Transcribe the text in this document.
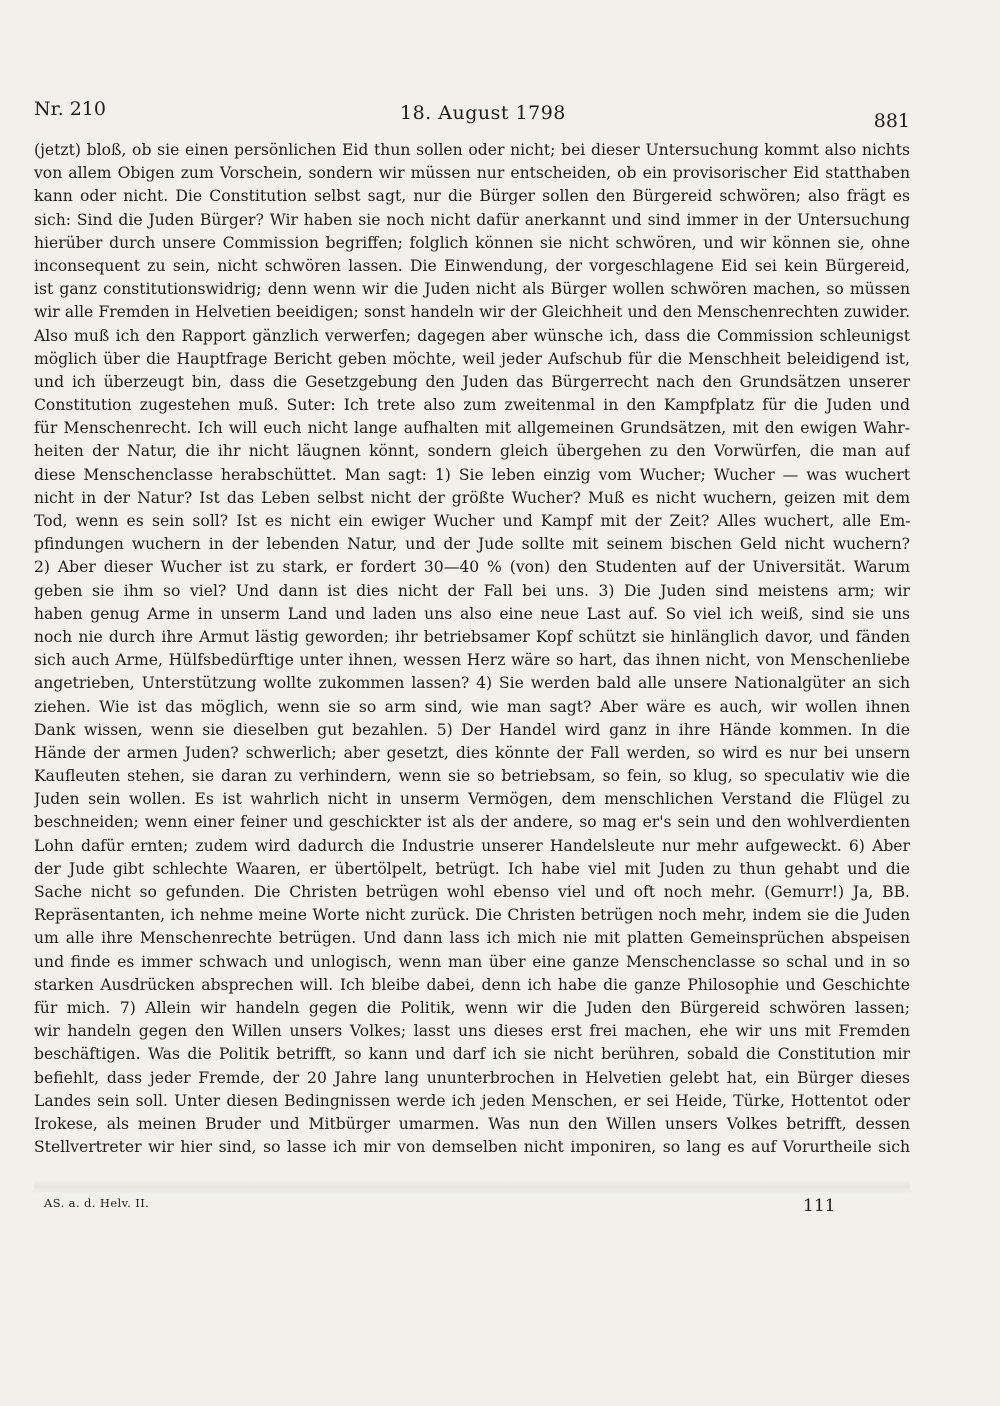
Nr. 210	18. August 1798	881
(jetzt) bloß, ob sie einen persönlichen Eid thun sollen oder nicht; bei dieser Untersuchung kommt also nichts
von allem Obigen zum Vorschein, sondern wir müssen nur entscheiden, ob ein provisorischer Eid statthaben
kann oder nicht. Die Constitution selbst sagt, nur die Bürger sollen den Bürgereid schwören; also frägt es
sich: Sind die Juden Bürger? Wir haben sie noch nicht dafür anerkannt und sind immer in der Untersuchung
hierüber durch unsere Commission begriffen; folglich können sie nicht schwören, und wir können sie, ohne
inconsequent zu sein, nicht schwören lassen. Die Einwendung, der vorgeschlagene Eid sei kein Bürgereid,
ist ganz constitutionswidrig; denn wenn wir die Juden nicht als Bürger wollen schwören machen, so müssen
wir alle Fremden in Helvetien beeidigen; sonst handeln wir der Gleichheit und den Menschenrechten zuwider.
Also muß ich den Rapport gänzlich verwerfen; dagegen aber wünsche ich, dass die Commission schleunigst
möglich über die Hauptfrage Bericht geben möchte, weil jeder Aufschub für die Menschheit beleidigend ist,
und ich überzeugt bin, dass die Gesetzgebung den Juden das Bürgerrecht nach den Grundsätzen unserer
Constitution zugestehen muß. Suter: Ich trete also zum zweitenmal in den Kampfplatz für die Juden und
für Menschenrecht. Ich will euch nicht lange aufhalten mit allgemeinen Grundsätzen, mit den ewigen Wahr-
heiten der Natur, die ihr nicht läugnen könnt, sondern gleich übergehen zu den Vorwürfen, die man auf
diese Menschenclasse herabschüttet. Man sagt: 1) Sie leben einzig vom Wucher; Wucher — was wuchert
nicht in der Natur? Ist das Leben selbst nicht der größte Wucher? Muß es nicht wuchern, geizen mit dem
Tod, wenn es sein soll? Ist es nicht ein ewiger Wucher und Kampf mit der Zeit? Alles wuchert, alle Em-
pfindungen wuchern in der lebenden Natur, und der Jude sollte mit seinem bischen Geld nicht wuchern?
2) Aber dieser Wucher ist zu stark, er fordert 30—40 % (von) den Studenten auf der Universität. Warum
geben sie ihm so viel? Und dann ist dies nicht der Fall bei uns. 3) Die Juden sind meistens arm; wir
haben genug Arme in unserm Land und laden uns also eine neue Last auf. So viel ich weiß, sind sie uns
noch nie durch ihre Armut lästig geworden; ihr betriebsamer Kopf schützt sie hinlänglich davor, und fänden
sich auch Arme, Hülfsbedürftige unter ihnen, wessen Herz wäre so hart, das ihnen nicht, von Menschenliebe
angetrieben, Unterstützung wollte zukommen lassen? 4) Sie werden bald alle unsere Nationalgüter an sich
ziehen. Wie ist das möglich, wenn sie so arm sind, wie man sagt? Aber wäre es auch, wir wollen ihnen
Dank wissen, wenn sie dieselben gut bezahlen. 5) Der Handel wird ganz in ihre Hände kommen. In die
Hände der armen Juden? schwerlich; aber gesetzt, dies könnte der Fall werden, so wird es nur bei unsern
Kaufleuten stehen, sie daran zu verhindern, wenn sie so betriebsam, so fein, so klug, so speculativ wie die
Juden sein wollen. Es ist wahrlich nicht in unserm Vermögen, dem menschlichen Verstand die Flügel zu
beschneiden; wenn einer feiner und geschickter ist als der andere, so mag er's sein und den wohlverdienten
Lohn dafür ernten; zudem wird dadurch die Industrie unserer Handelsleute nur mehr aufgeweckt. 6) Aber
der Jude gibt schlechte Waaren, er übertölpelt, betrügt. Ich habe viel mit Juden zu thun gehabt und die
Sache nicht so gefunden. Die Christen betrügen wohl ebenso viel und oft noch mehr. (Gemurr!) Ja, BB.
Repräsentanten, ich nehme meine Worte nicht zurück. Die Christen betrügen noch mehr, indem sie die Juden
um alle ihre Menschenrechte betrügen. Und dann lass ich mich nie mit platten Gemeinsprüchen abspeisen
und finde es immer schwach und unlogisch, wenn man über eine ganze Menschenclasse so schal und in so
starken Ausdrücken absprechen will. Ich bleibe dabei, denn ich habe die ganze Philosophie und Geschichte
für mich. 7) Allein wir handeln gegen die Politik, wenn wir die Juden den Bürgereid schwören lassen;
wir handeln gegen den Willen unsers Volkes; lasst uns dieses erst frei machen, ehe wir uns mit Fremden
beschäftigen. Was die Politik betrifft, so kann und darf ich sie nicht berühren, sobald die Constitution mir
befiehlt, dass jeder Fremde, der 20 Jahre lang ununterbrochen in Helvetien gelebt hat, ein Bürger dieses
Landes sein soll. Unter diesen Bedingnissen werde ich jeden Menschen, er sei Heide, Türke, Hottentot oder
Irokese, als meinen Bruder und Mitbürger umarmen. Was nun den Willen unsers Volkes betrifft, dessen
Stellvertreter wir hier sind, so lasse ich mir von demselben nicht imponiren, so lang es auf Vorurtheile sich
AS. a. d. Helv. II.	111
